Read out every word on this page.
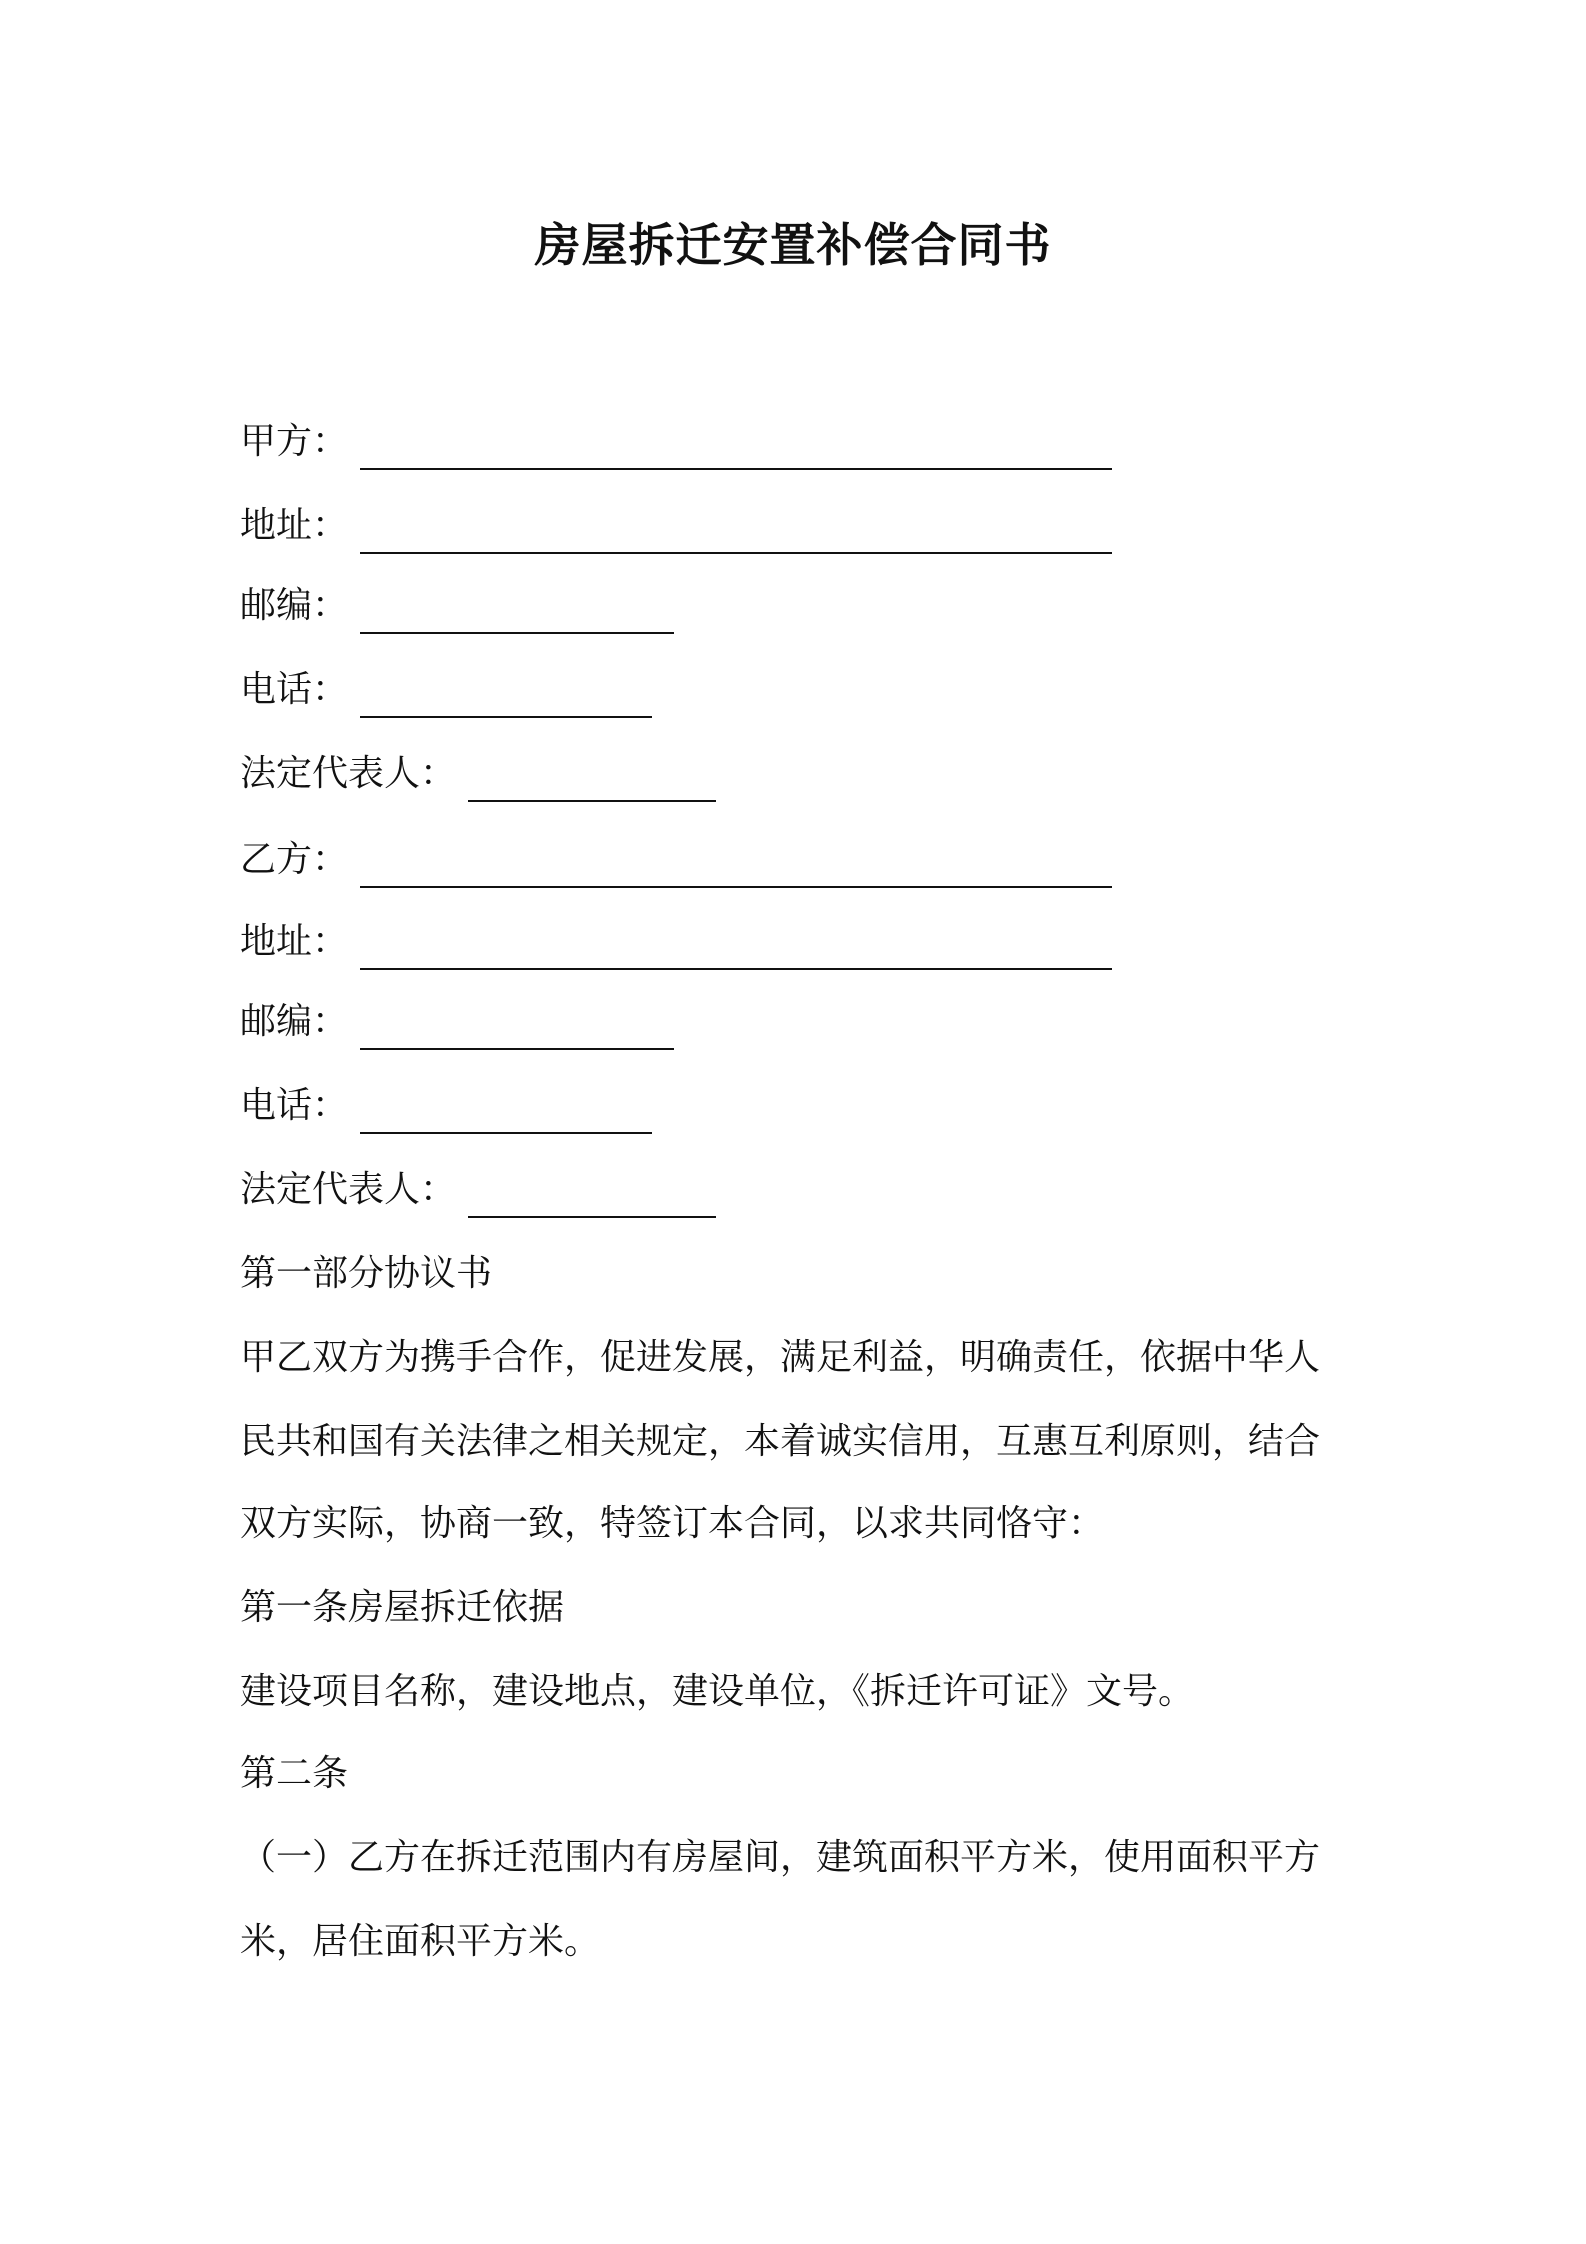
房屋拆迁安置补偿合同书
甲方：
地址：
邮编：
电话：
法定代表人：
乙方：
地址：
邮编：
电话：
法定代表人：
第一部分协议书
甲乙双方为携手合作，促进发展，满足利益，明确责任，依据中华人
民共和国有关法律之相关规定，本着诚实信用，互惠互利原则，结合
双方实际，协商一致，特签订本合同，以求共同恪守：
第一条房屋拆迁依据
建设项目名称，建设地点，建设单位，《拆迁许可证》文号。
第二条
（一）乙方在拆迁范围内有房屋间，建筑面积平方米，使用面积平方
米，居住面积平方米。
